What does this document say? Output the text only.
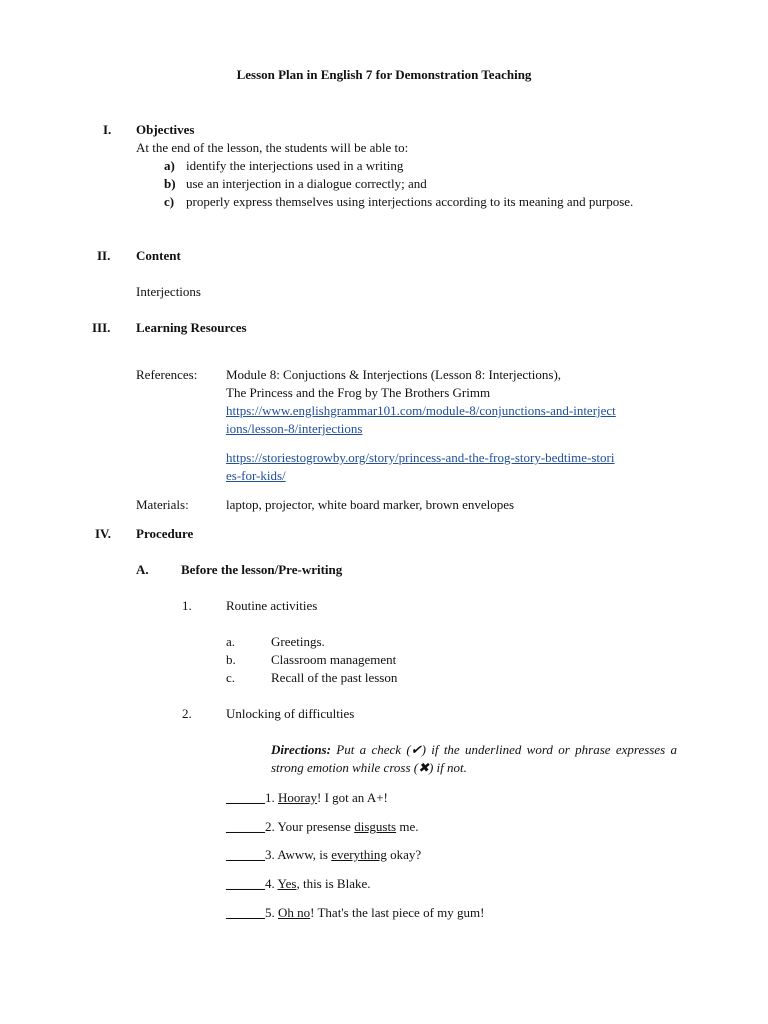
Lesson Plan in English 7 for Demonstration Teaching
I. Objectives
At the end of the lesson, the students will be able to:
a) identify the interjections used in a writing
b) use an interjection in a dialogue correctly; and
c) properly express themselves using interjections according to its meaning and purpose.
II. Content
Interjections
III. Learning Resources
References: Module 8: Conjuctions & Interjections (Lesson 8: Interjections),
The Princess and the Frog by The Brothers Grimm
https://www.englishgrammar101.com/module-8/conjunctions-and-interject
ions/lesson-8/interjections
https://storiestogrowby.org/story/princess-and-the-frog-story-bedtime-stori
es-for-kids/
Materials:	laptop, projector, white board marker, brown envelopes
IV. Procedure
A. Before the lesson/Pre-writing
1.	Routine activities
a.	Greetings.
b.	Classroom management
c.	Recall of the past lesson
2.	Unlocking of difficulties
Directions: Put a check (✔) if the underlined word or phrase expresses a strong emotion while cross (✖) if not.
______1. Hooray! I got an A+!
______2. Your presense disgusts me.
______3. Awww, is everything okay?
______4. Yes, this is Blake.
______5. Oh no! That's the last piece of my gum!
